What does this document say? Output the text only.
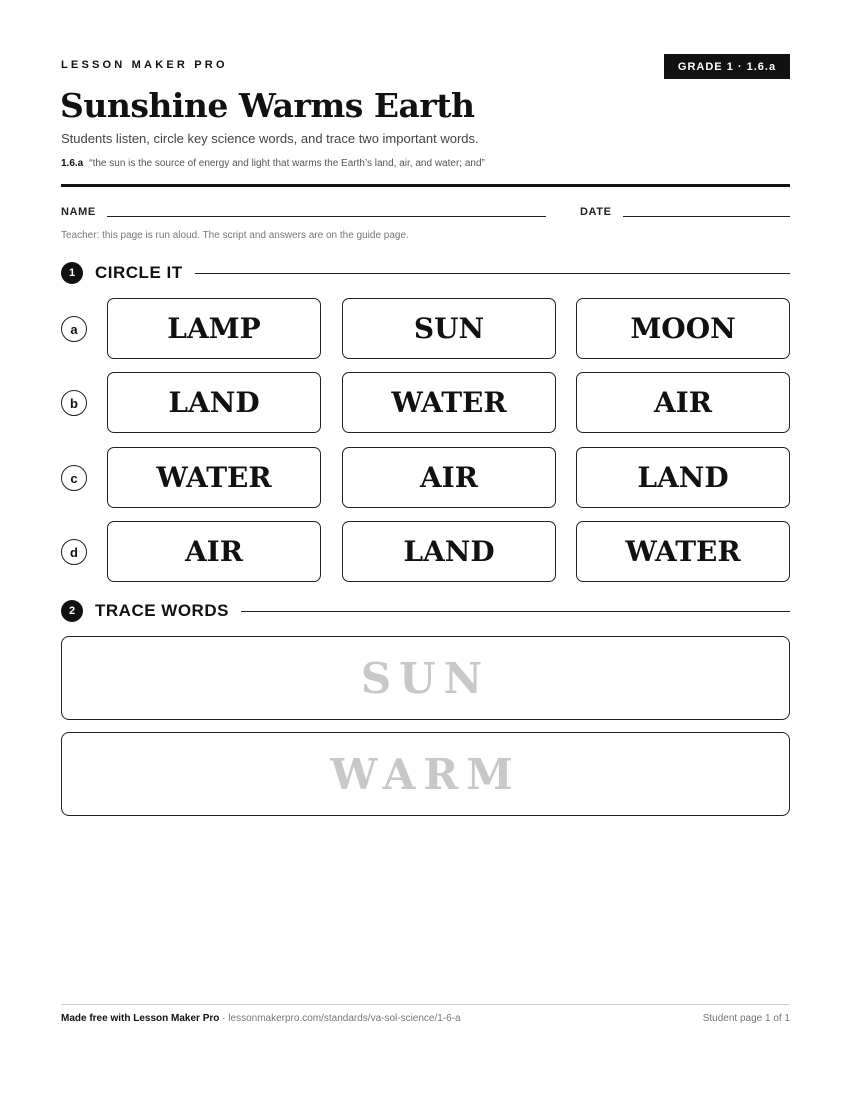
LESSON MAKER PRO	GRADE 1 · 1.6.a
Sunshine Warms Earth

Students listen, circle key science words, and trace two important words.

1.6.a “the sun is the source of energy and light that warms the Earth’s land, air, and water; and”

NAME	DATE

Teacher: this page is run aloud. The script and answers are on the guide page.

1	CIRCLE IT
a	LAMP	SUN	MOON
b	LAND	WATER	AIR
c	WATER	AIR	LAND
d	AIR	LAND	WATER
2	TRACE WORDS
SUN
WARM

Made free with Lesson Maker Pro · lessonmakerpro.com/standards/va-sol-science/1-6-a	Student page 1 of 1
